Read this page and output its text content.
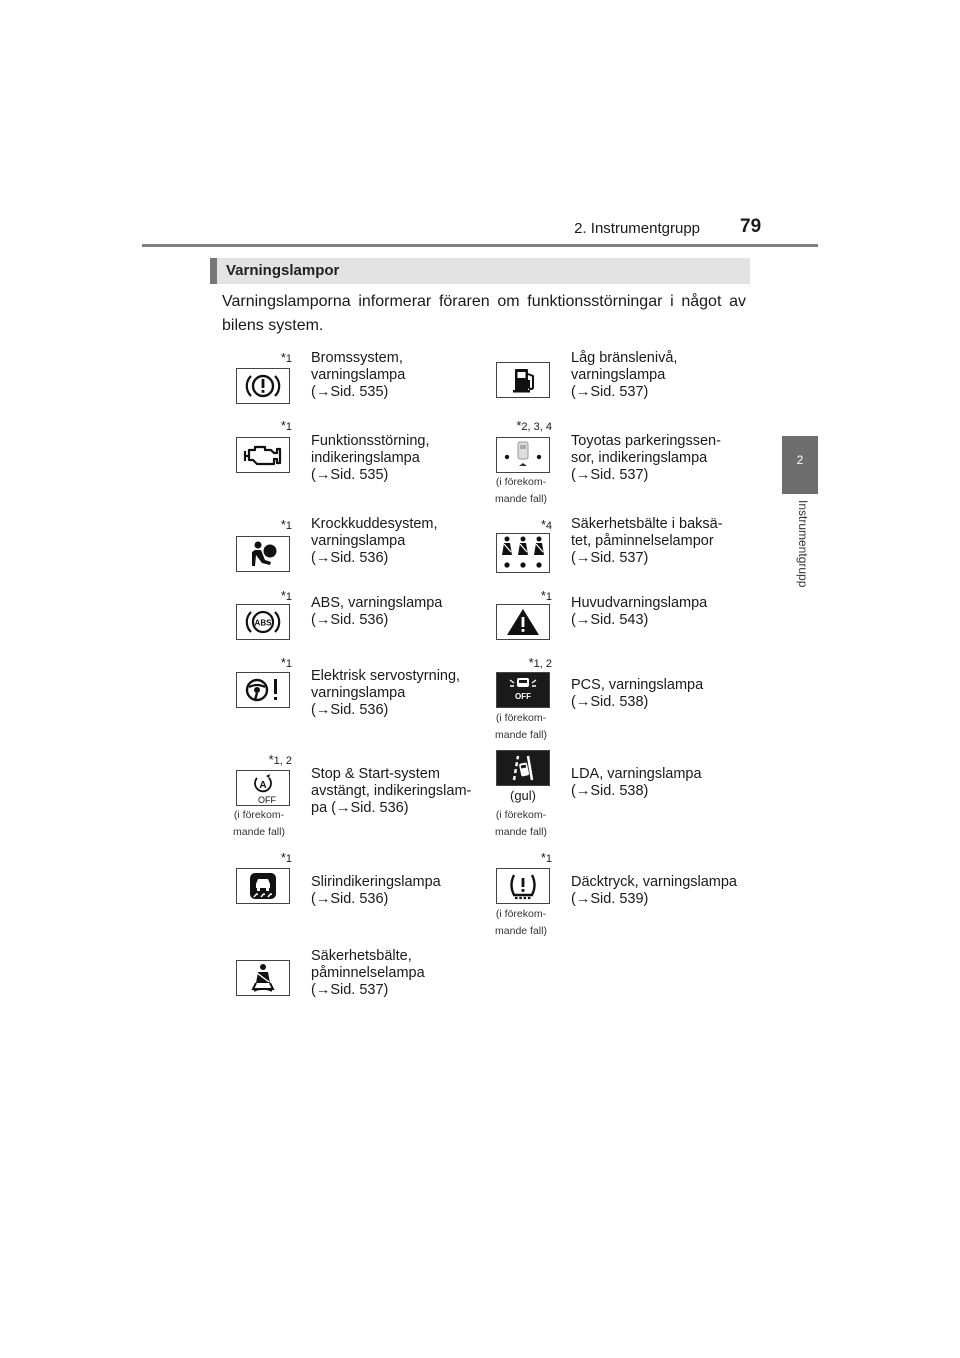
2. Instrumentgrupp 79
2
Instrumentgrupp
Varningslampor
Varningslamporna informerar föraren om funktionsstörningar i något av bilens system.
*1 Bromssystem,
varningslampa
(→Sid. 535)
Låg bränslenivå,
varningslampa
(→Sid. 537)
*1
Funktionsstörning,
indikeringslampa
(→Sid. 535)
*2, 3, 4
(i förekom-
mande fall)
Toyotas parkeringssen-
sor, indikeringslampa
(→Sid. 537)
*1 Krockkuddesystem,
varningslampa
(→Sid. 536)
*4 Säkerhetsbälte i baksä-
tet, påminnelselampor
(→Sid. 537)
*1
ABS
ABS, varningslampa
(→Sid. 536)
*1 Huvudvarningslampa
(→Sid. 543)
*1
Elektrisk servostyrning,
varningslampa
(→Sid. 536)
*1, 2
OFF
(i förekom-
mande fall)
PCS, varningslampa
(→Sid. 538)
*1, 2
A
OFF
(i förekom-
mande fall)
Stop & Start-system
avstängt, indikeringslam-
pa (→Sid. 536)
(gul)
(i förekom-
mande fall)
LDA, varningslampa
(→Sid. 538)
*1
Slirindikeringslampa
(→Sid. 536)
*1
(i förekom-
mande fall)
Däcktryck, varningslampa
(→Sid. 539)
Säkerhetsbälte,
påminnelselampa
(→Sid. 537)
